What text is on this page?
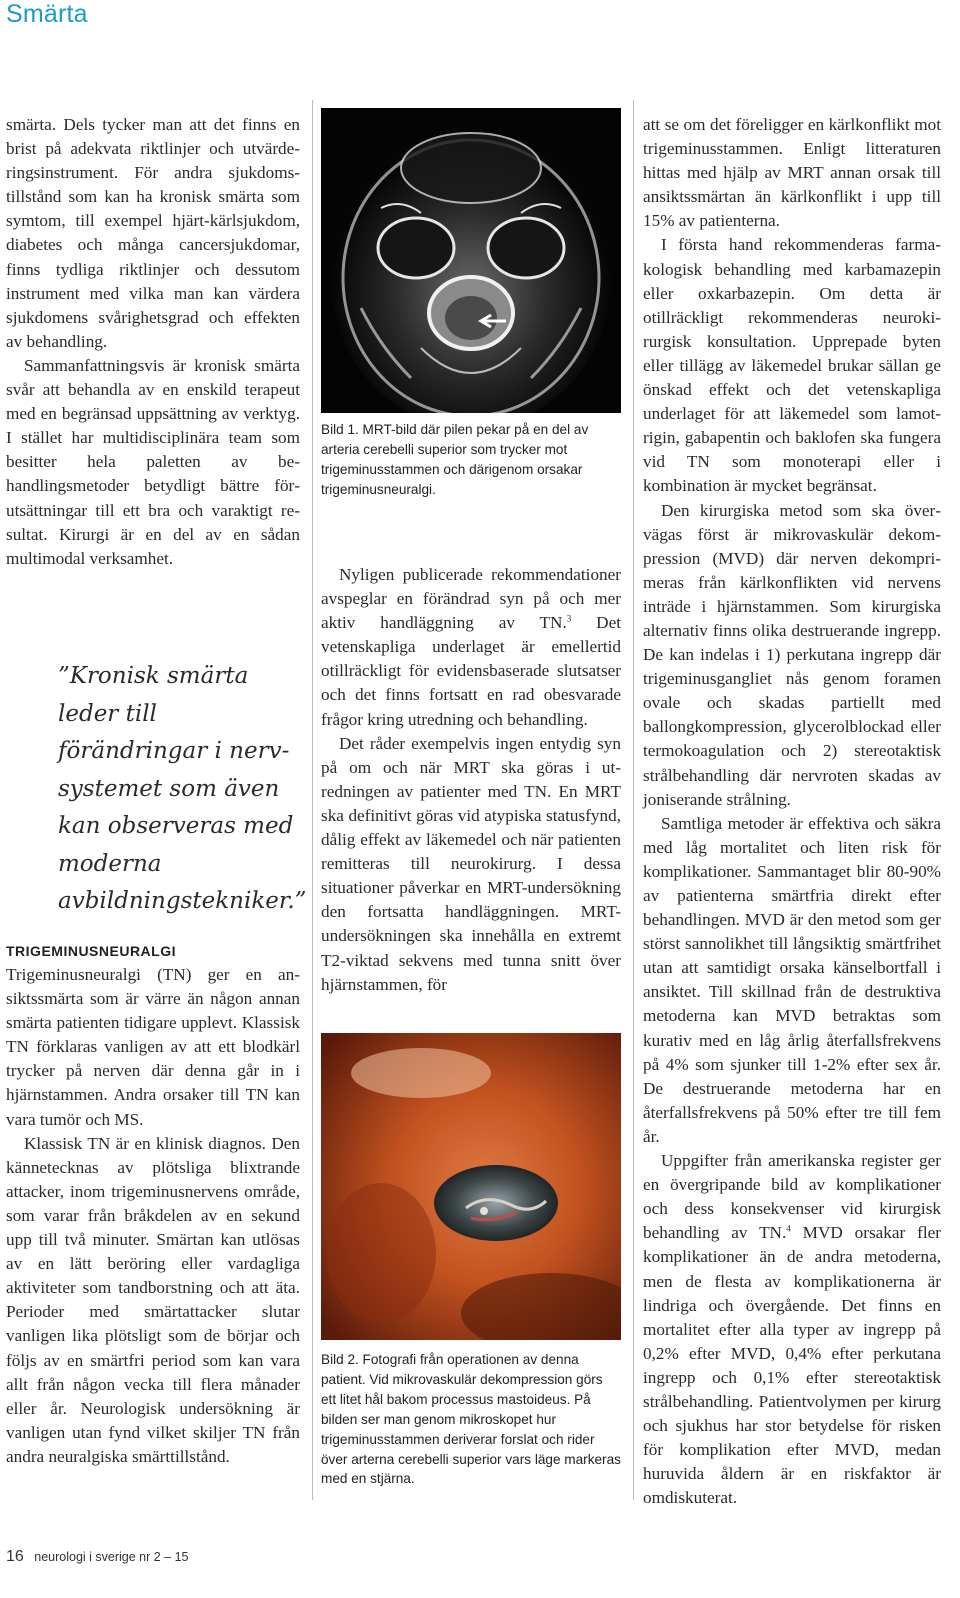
Smärta

smärta. Dels tycker man att det finns en brist på adekvata riktlinjer och utvärderingsinstrument. För andra sjukdomstillstånd som kan ha kronisk smärta som symtom, till exempel hjärt-kärlsjukdom, diabetes och många cancersjukdomar, finns tydliga riktlinjer och dessutom instrument med vilka man kan värdera sjukdomens svårighetsgrad och effekten av behandling.

Sammanfattningsvis är kronisk smärta svår att behandla av en enskild terapeut med en begränsad uppsättning av verktyg. I stället har multidisciplinära team som besitter hela paletten av behandlingsmetoder betydligt bättre förutsättningar till ett bra och varaktigt resultat. Kirurgi är en del av en sådan multimodal verksamhet.

”Kronisk smärta leder till förändringar i nervsystemet som även kan observeras med moderna avbildningstekniker.”
TRIGEMINUSNEURALGI

Trigeminusneuralgi (TN) ger en ansiktssmärta som är värre än någon annan smärta patienten tidigare upplevt. Klassisk TN förklaras vanligen av att ett blodkärl trycker på nerven där denna går in i hjärnstammen. Andra orsaker till TN kan vara tumör och MS.

Klassisk TN är en klinisk diagnos. Den kännetecknas av plötsliga blixtrande attacker, inom trigeminusnervens område, som varar från bråkdelen av en sekund upp till två minuter. Smärtan kan utlösas av en lätt beröring eller vardagliga aktiviteter som tandborstning och att äta. Perioder med smärtattacker slutar vanligen lika plötsligt som de börjar och följs av en smärtfri period som kan vara allt från någon vecka till flera månader eller år. Neurologisk undersökning är vanligen utan fynd vilket skiljer TN från andra neuralgiska smärttillstånd.

Bild 1. MRT-bild där pilen pekar på en del av arteria cerebelli superior som trycker mot trigeminusstammen och därigenom orsakar trigeminusneuralgi.

Nyligen publicerade rekommendationer avspeglar en förändrad syn på och mer aktiv handläggning av TN.$^3$ Det vetenskapliga underlaget är emellertid otillräckligt för evidensbaserade slutsatser och det finns fortsatt en rad obesvarade frågor kring utredning och behandling.

Det råder exempelvis ingen entydig syn på om och när MRT ska göras i utredningen av patienter med TN. En MRT ska definitivt göras vid atypiska statusfynd, dålig effekt av läkemedel och när patienten remitteras till neurokirurg. I dessa situationer påverkar en MRT-undersökning den fortsatta handläggningen. MRT-undersökningen ska innehålla en extremt T2-viktad sekvens med tunna snitt över hjärnstammen, för

Bild 2. Fotografi från operationen av denna patient. Vid mikrovaskulär dekompression görs ett litet hål bakom processus mastoideus. På bilden ser man genom mikroskopet hur trigeminusstammen deriverar forslat och rider över arterna cerebelli superior vars läge markeras med en stjärna.

att se om det föreligger en kärlkonflikt mot trigeminusstammen. Enligt litteraturen hittas med hjälp av MRT annan orsak till ansiktssmärtan än kärlkonflikt i upp till 15% av patienterna.

I första hand rekommenderas farmakologisk behandling med karbamazepin eller oxkarbazepin. Om detta är otillräckligt rekommenderas neurokirurgisk konsultation. Upprepade byten eller tillägg av läkemedel brukar sällan ge önskad effekt och det vetenskapliga underlaget för att läkemedel som lamotrigin, gabapentin och baklofen ska fungera vid TN som monoterapi eller i kombination är mycket begränsat.

Den kirurgiska metod som ska övervägas först är mikrovaskulär dekompression (MVD) där nerven dekomprimeras från kärlkonflikten vid nervens inträde i hjärnstammen. Som kirurgiska alternativ finns olika destruerande ingrepp. De kan indelas i 1) perkutana ingrepp där trigeminusgangliet nås genom foramen ovale och skadas partiellt med ballongkompression, glycerolblockad eller termokoagulation och 2) stereotaktisk strålbehandling där nervroten skadas av joniserande strålning.

Samtliga metoder är effektiva och säkra med låg mortalitet och liten risk för komplikationer. Sammantaget blir 80-90% av patienterna smärtfria direkt efter behandlingen. MVD är den metod som ger störst sannolikhet till långsiktig smärtfrihet utan att samtidigt orsaka känselbortfall i ansiktet. Till skillnad från de destruktiva metoderna kan MVD betraktas som kurativ med en låg årlig återfallsfrekvens på 4% som sjunker till 1-2% efter sex år. De destruerande metoderna har en återfallsfrekvens på 50% efter tre till fem år.

Uppgifter från amerikanska register ger en övergripande bild av komplikationer och dess konsekvenser vid kirurgisk behandling av TN.$^4$ MVD orsakar fler komplikationer än de andra metoderna, men de flesta av komplikationerna är lindriga och övergående. Det finns en mortalitet efter alla typer av ingrepp på 0,2% efter MVD, 0,4% efter perkutana ingrepp och 0,1% efter stereotaktisk strålbehandling. Patientvolymen per kirurg och sjukhus har stor betydelse för risken för komplikation efter MVD, medan huruvida åldern är en riskfaktor är omdiskuterat.

16 neurologi i sverige nr 2 – 15
